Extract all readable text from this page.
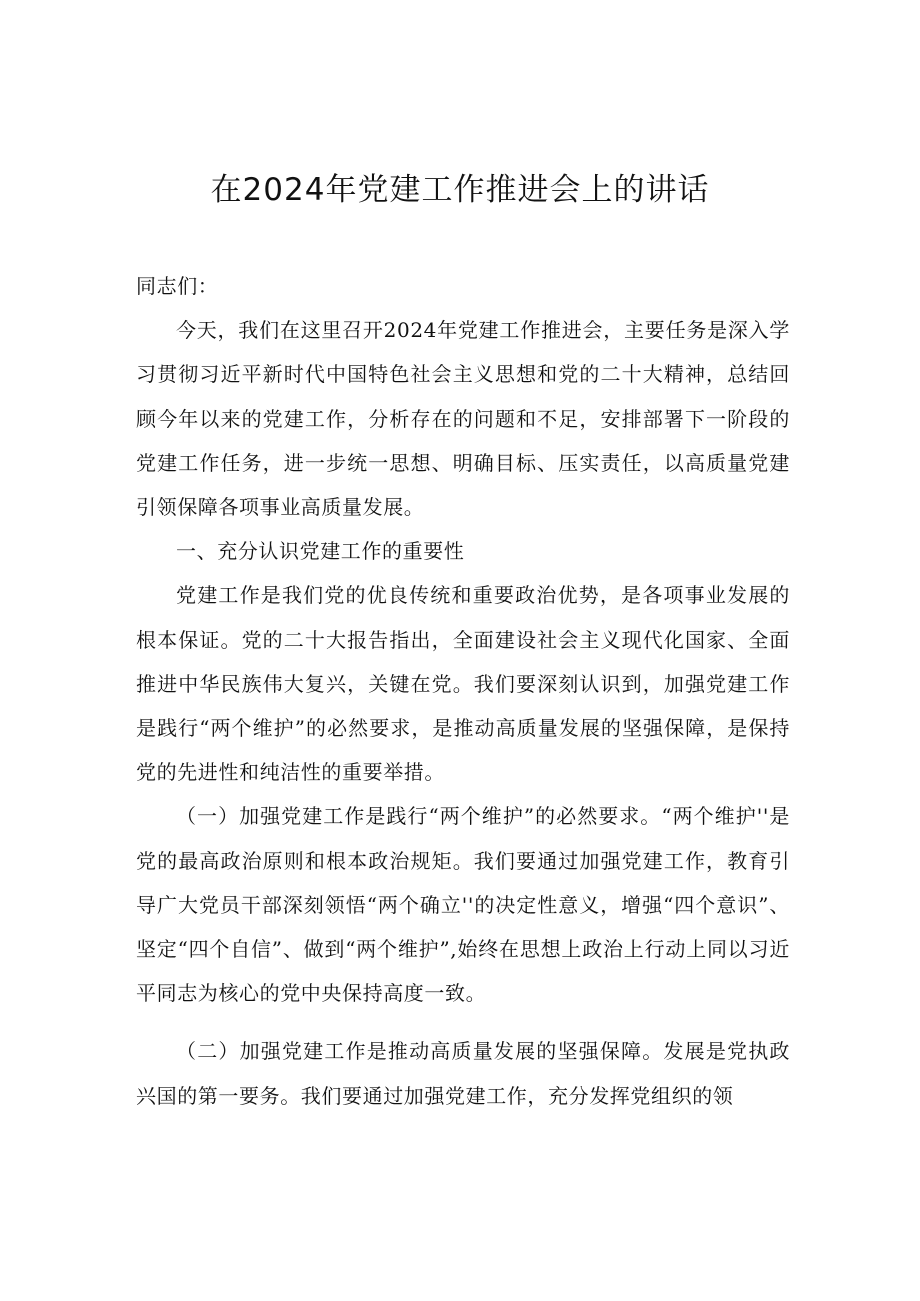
在2024年党建工作推进会上的讲话

同志们：

今天，我们在这里召开2024年党建工作推进会，主要任务是深入学习贯彻习近平新时代中国特色社会主义思想和党的二十大精神，总结回顾今年以来的党建工作，分析存在的问题和不足，安排部署下一阶段的党建工作任务，进一步统一思想、明确目标、压实责任，以高质量党建引领保障各项事业高质量发展。

一、充分认识党建工作的重要性

党建工作是我们党的优良传统和重要政治优势，是各项事业发展的根本保证。党的二十大报告指出，全面建设社会主义现代化国家、全面推进中华民族伟大复兴，关键在党。我们要深刻认识到，加强党建工作是践行“两个维护”的必然要求，是推动高质量发展的坚强保障，是保持党的先进性和纯洁性的重要举措。

（一）加强党建工作是践行“两个维护”的必然要求。“两个维护''是党的最高政治原则和根本政治规矩。我们要通过加强党建工作，教育引导广大党员干部深刻领悟“两个确立''的决定性意义，增强“四个意识”、坚定“四个自信”、做到“两个维护”,始终在思想上政治上行动上同以习近平同志为核心的党中央保持高度一致。

（二）加强党建工作是推动高质量发展的坚强保障。发展是党执政兴国的第一要务。我们要通过加强党建工作，充分发挥党组织的领
